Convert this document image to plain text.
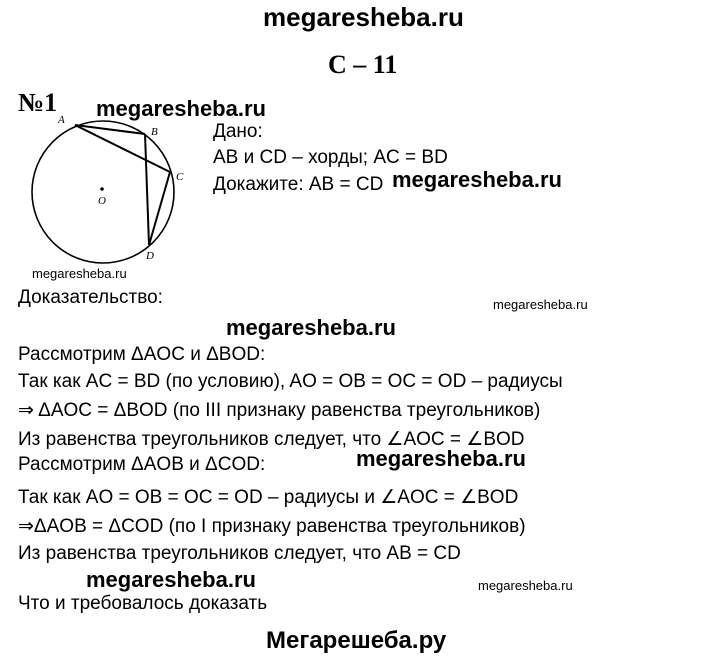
megaresheba.ru
С – 11
№1 megaresheba.ru
A
B
C
D
O
Дано:
AB и CD – хорды; AC = BD
Докажите: AB = CD megaresheba.ru
megaresheba.ru
Доказательство:	megaresheba.ru
megaresheba.ru
Рассмотрим ΔAOC и ΔBOD:
Так как AC = BD (по условию), AO = OB = OC = OD – радиусы
⇒ ΔAOC = ΔBOD (по III признаку равенства треугольников)
Из равенства треугольников следует, что ∠AOC = ∠BOD
Рассмотрим ΔAOB и ΔCOD:	megaresheba.ru
Так как AO = OB = OC = OD – радиусы и ∠AOC = ∠BOD
⇒ΔAOB = ΔCOD (по I признаку равенства треугольников)
Из равенства треугольников следует, что AB = CD
megaresheba.ru	megaresheba.ru
Что и требовалось доказать
Мегарешеба.ру
